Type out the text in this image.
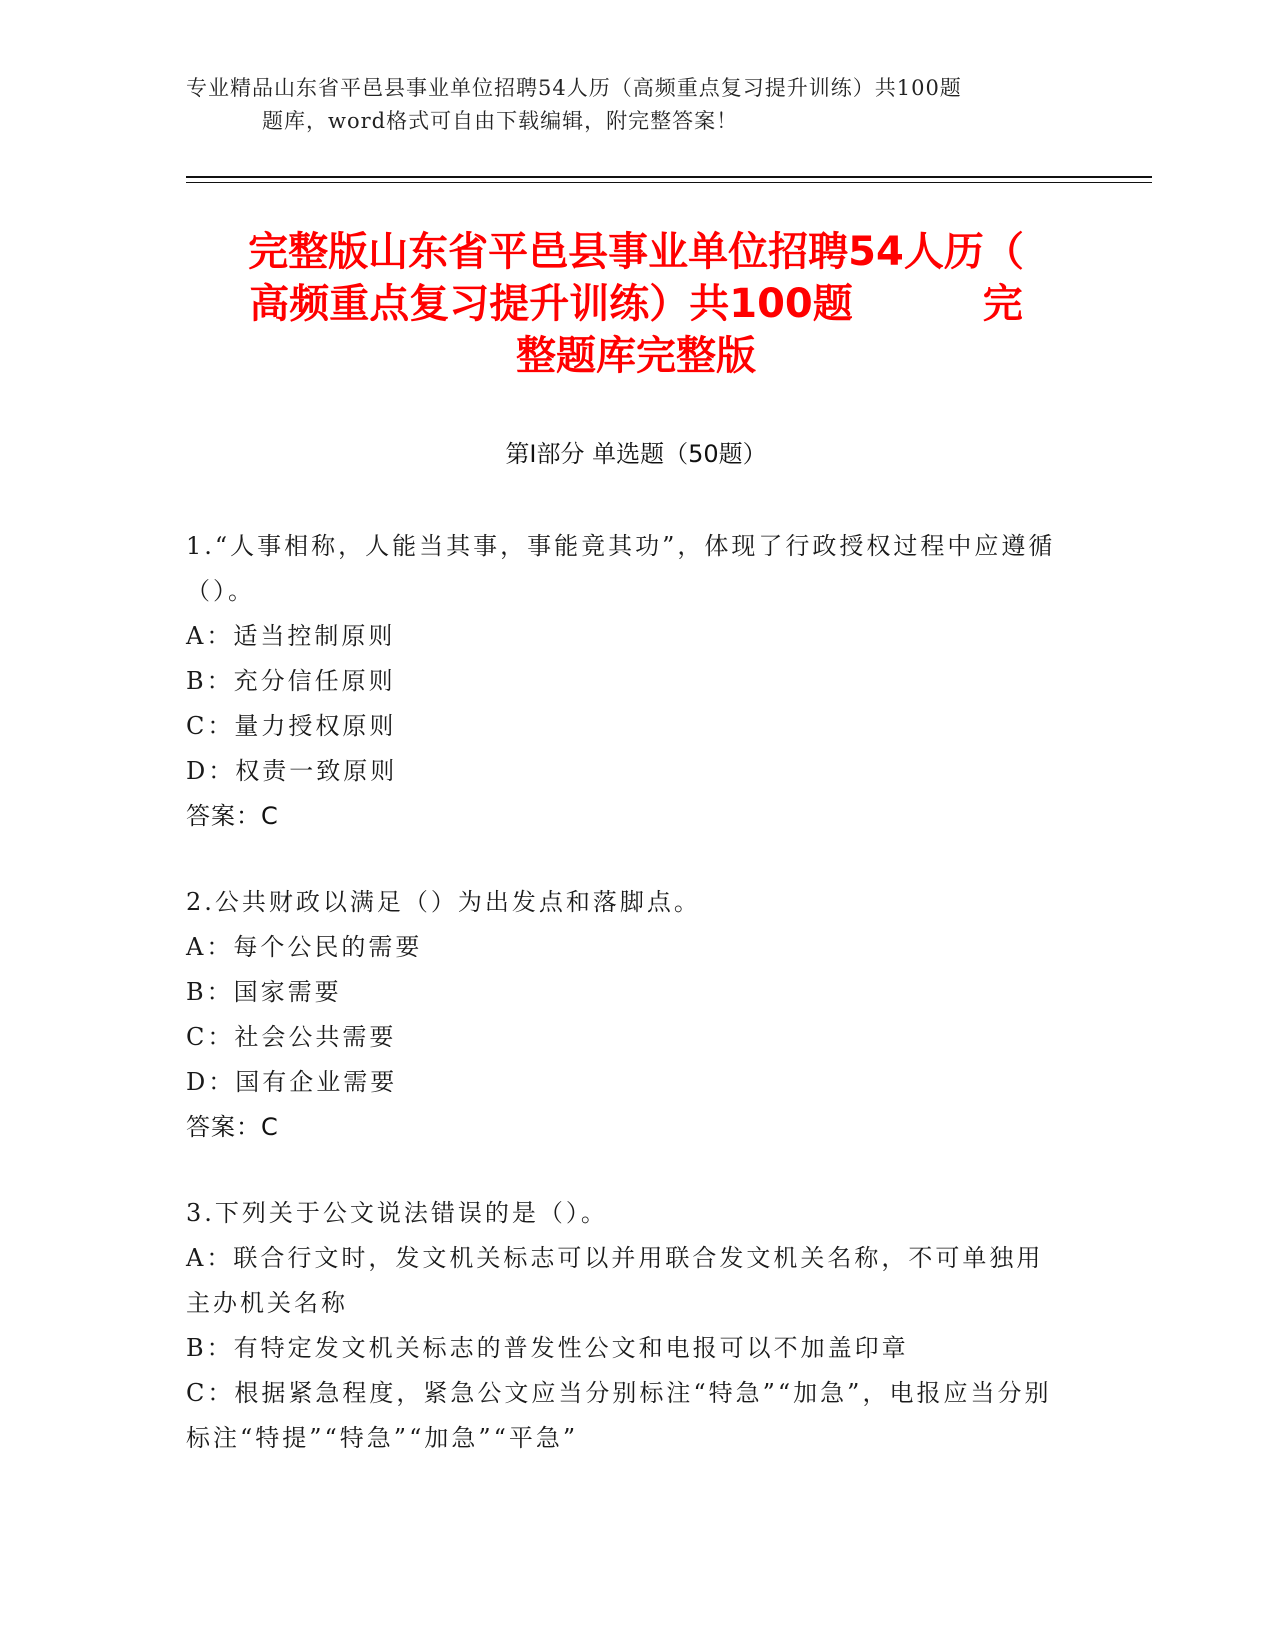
专业精品山东省平邑县事业单位招聘54人历（高频重点复习提升训练）共100题
题库，word格式可自由下载编辑，附完整答案！
完整版山东省平邑县事业单位招聘54人历（
高频重点复习提升训练）共100题	完
整题库完整版
第Ⅰ部分 单选题（50题）
1.“人事相称，人能当其事，事能竟其功”，体现了行政授权过程中应遵循（）。
A：适当控制原则
B：充分信任原则
C：量力授权原则
D：权责一致原则
答案：C
2.公共财政以满足（）为出发点和落脚点。
A：每个公民的需要
B：国家需要
C：社会公共需要
D：国有企业需要
答案：C
3.下列关于公文说法错误的是（）。
A：联合行文时，发文机关标志可以并用联合发文机关名称，不可单独用主办机关名称
B：有特定发文机关标志的普发性公文和电报可以不加盖印章
C：根据紧急程度，紧急公文应当分别标注“特急”“加急”，电报应当分别标注“特提”“特急”“加急”“平急”
